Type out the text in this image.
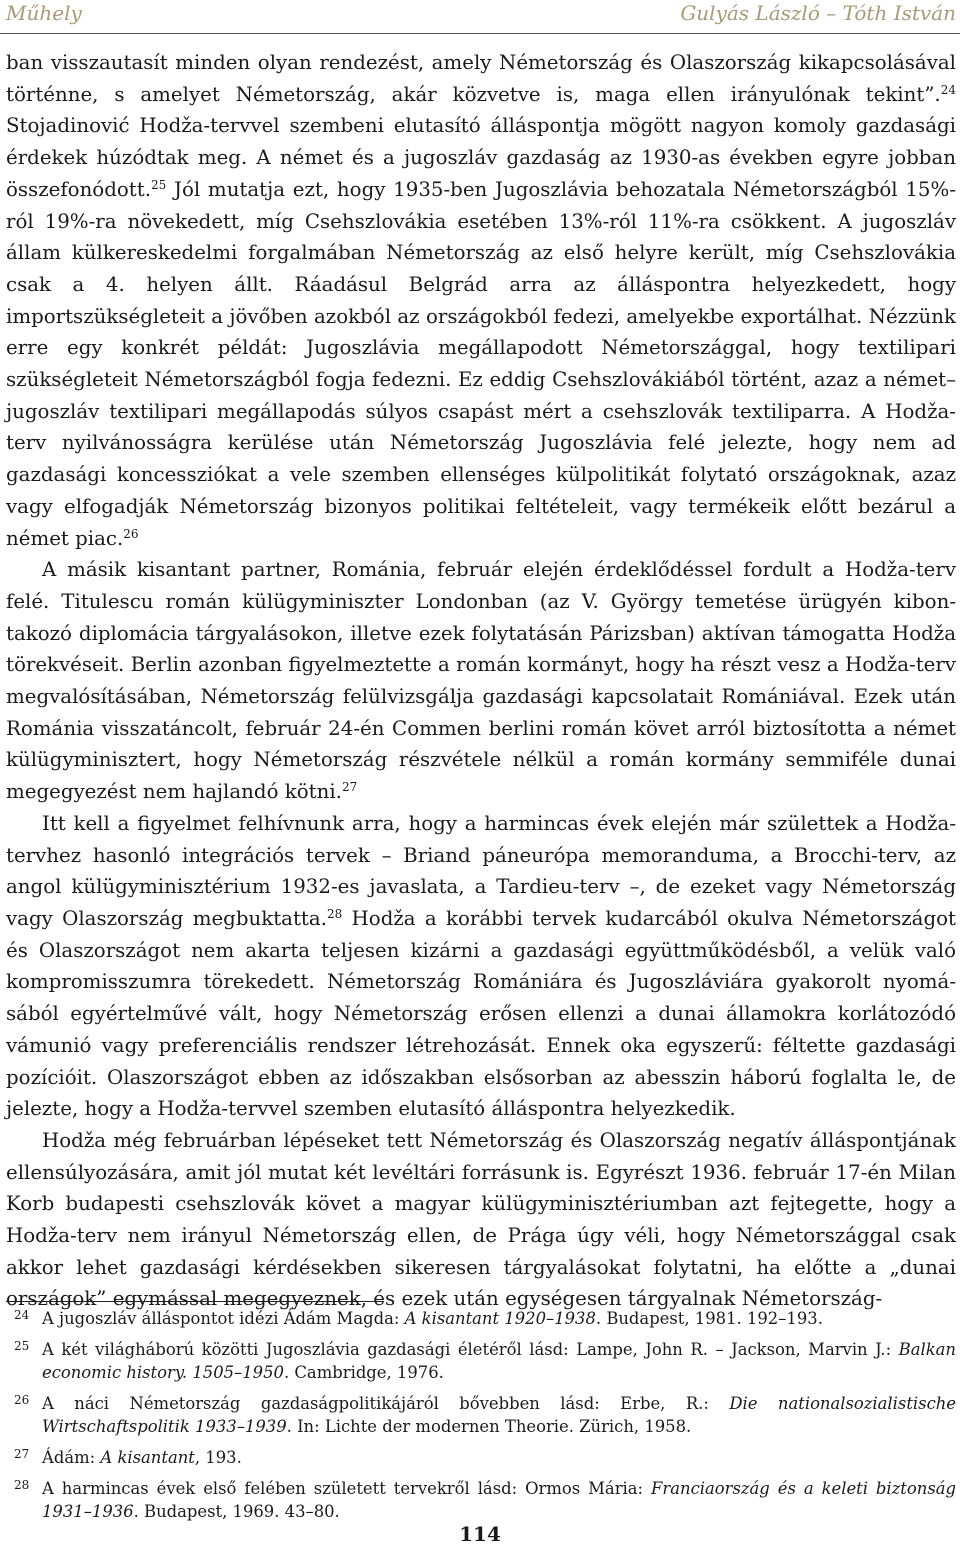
Műhely	Gulyás László – Tóth István

ban visszautasít minden olyan rendezést, amely Németország és Olaszország kikapcsolásával történne, s amelyet Németország, akár közvetve is, maga ellen irányulónak tekint”.$^{24}$ Stojadinović Hodža-tervvel szembeni elutasító álláspontja mögött nagyon komoly gazdasági érdekek húzódtak meg. A német és a jugoszláv gazdaság az 1930-as években egyre jobban összefonódott.$^{25}$ Jól mutatja ezt, hogy 1935-ben Jugoszlávia behozatala Németországból 15%-ról 19%-ra növekedett, míg Csehszlovákia esetében 13%-ról 11%-ra csökkent. A jugoszláv állam külkereskedelmi forgalmában Németország az első helyre került, míg Csehszlovákia csak a 4. helyen állt. Ráadásul Belgrád arra az álláspontra helyezkedett, hogy importszükségleteit a jövőben azokból az országokból fedezi, amelyekbe exportálhat. Nézzünk erre egy konkrét példát: Jugoszlávia megállapodott Németországgal, hogy textilipari szükségleteit Németországból fogja fedezni. Ez eddig Csehszlovákiából történt, azaz a német–jugoszláv textilipari megállapodás súlyos csapást mért a csehszlovák textiliparra. A Hodža-terv nyilvánosságra kerülése után Németország Jugoszlávia felé jelezte, hogy nem ad gazdasági koncessziókat a vele szemben ellenséges külpolitikát folytató országoknak, azaz vagy elfogadják Németország bizonyos politikai feltételeit, vagy termékeik előtt bezárul a német piac.$^{26}$

A másik kisantant partner, Románia, február elején érdeklődéssel fordult a Hodža-terv felé. Titulescu román külügyminiszter Londonban (az V. György temetése ürügyén kibontakozó diplomácia tárgyalásokon, illetve ezek folytatásán Párizsban) aktívan támogatta Hodža törekvéseit. Berlin azonban figyelmeztette a román kormányt, hogy ha részt vesz a Hodža-terv megvalósításában, Németország felülvizsgálja gazdasági kapcsolatait Romániával. Ezek után Románia visszatáncolt, február 24-én Commen berlini román követ arról biztosította a német külügyminisztert, hogy Németország részvétele nélkül a román kormány semmiféle dunai megegyezést nem hajlandó kötni.$^{27}$

Itt kell a figyelmet felhívnunk arra, hogy a harmincas évek elején már születtek a Hodžatervhez hasonló integrációs tervek – Briand páneurópa memoranduma, a Brocchi-terv, az angol külügyminisztérium 1932-es javaslata, a Tardieu-terv –, de ezeket vagy Németország vagy Olaszország megbuktatta.$^{28}$ Hodža a korábbi tervek kudarcából okulva Németországot és Olaszországot nem akarta teljesen kizárni a gazdasági együttműködésből, a velük való kompromisszumra törekedett. Németország Romániára és Jugoszláviára gyakorolt nyomásából egyértelművé vált, hogy Németország erősen ellenzi a dunai államokra korlátozódó vámunió vagy preferenciális rendszer létrehozását. Ennek oka egyszerű: féltette gazdasági pozícióit. Olaszországot ebben az időszakban elsősorban az abesszin háború foglalta le, de jelezte, hogy a Hodža-tervvel szemben elutasító álláspontra helyezkedik.

Hodža még februárban lépéseket tett Németország és Olaszország negatív álláspontjának ellensúlyozására, amit jól mutat két levéltári forrásunk is. Egyrészt 1936. február 17-én Milan Korb budapesti csehszlovák követ a magyar külügyminisztériumban azt fejtegette, hogy a Hodža-terv nem irányul Németország ellen, de Prága úgy véli, hogy Németországgal csak akkor lehet gazdasági kérdésekben sikeresen tárgyalásokat folytatni, ha előtte a „dunai országok” egymással megegyeznek, és ezek után egységesen tárgyalnak Németország-

24 A jugoszláv álláspontot idézi Ádám Magda: A kisantant 1920–1938. Budapest, 1981. 192–193.
25 A két világháború közötti Jugoszlávia gazdasági életéről lásd: Lampe, John R. – Jackson, Marvin J.: Balkan economic history. 1505–1950. Cambridge, 1976.
26 A náci Németország gazdaságpolitikájáról bővebben lásd: Erbe, R.: Die nationalsozialistische Wirtschaftspolitik 1933–1939. In: Lichte der modernen Theorie. Zürich, 1958.
27 Ádám: A kisantant, 193.
28 A harmincas évek első felében született tervekről lásd: Ormos Mária: Franciaország és a keleti biztonság 1931–1936. Budapest, 1969. 43–80.
114
